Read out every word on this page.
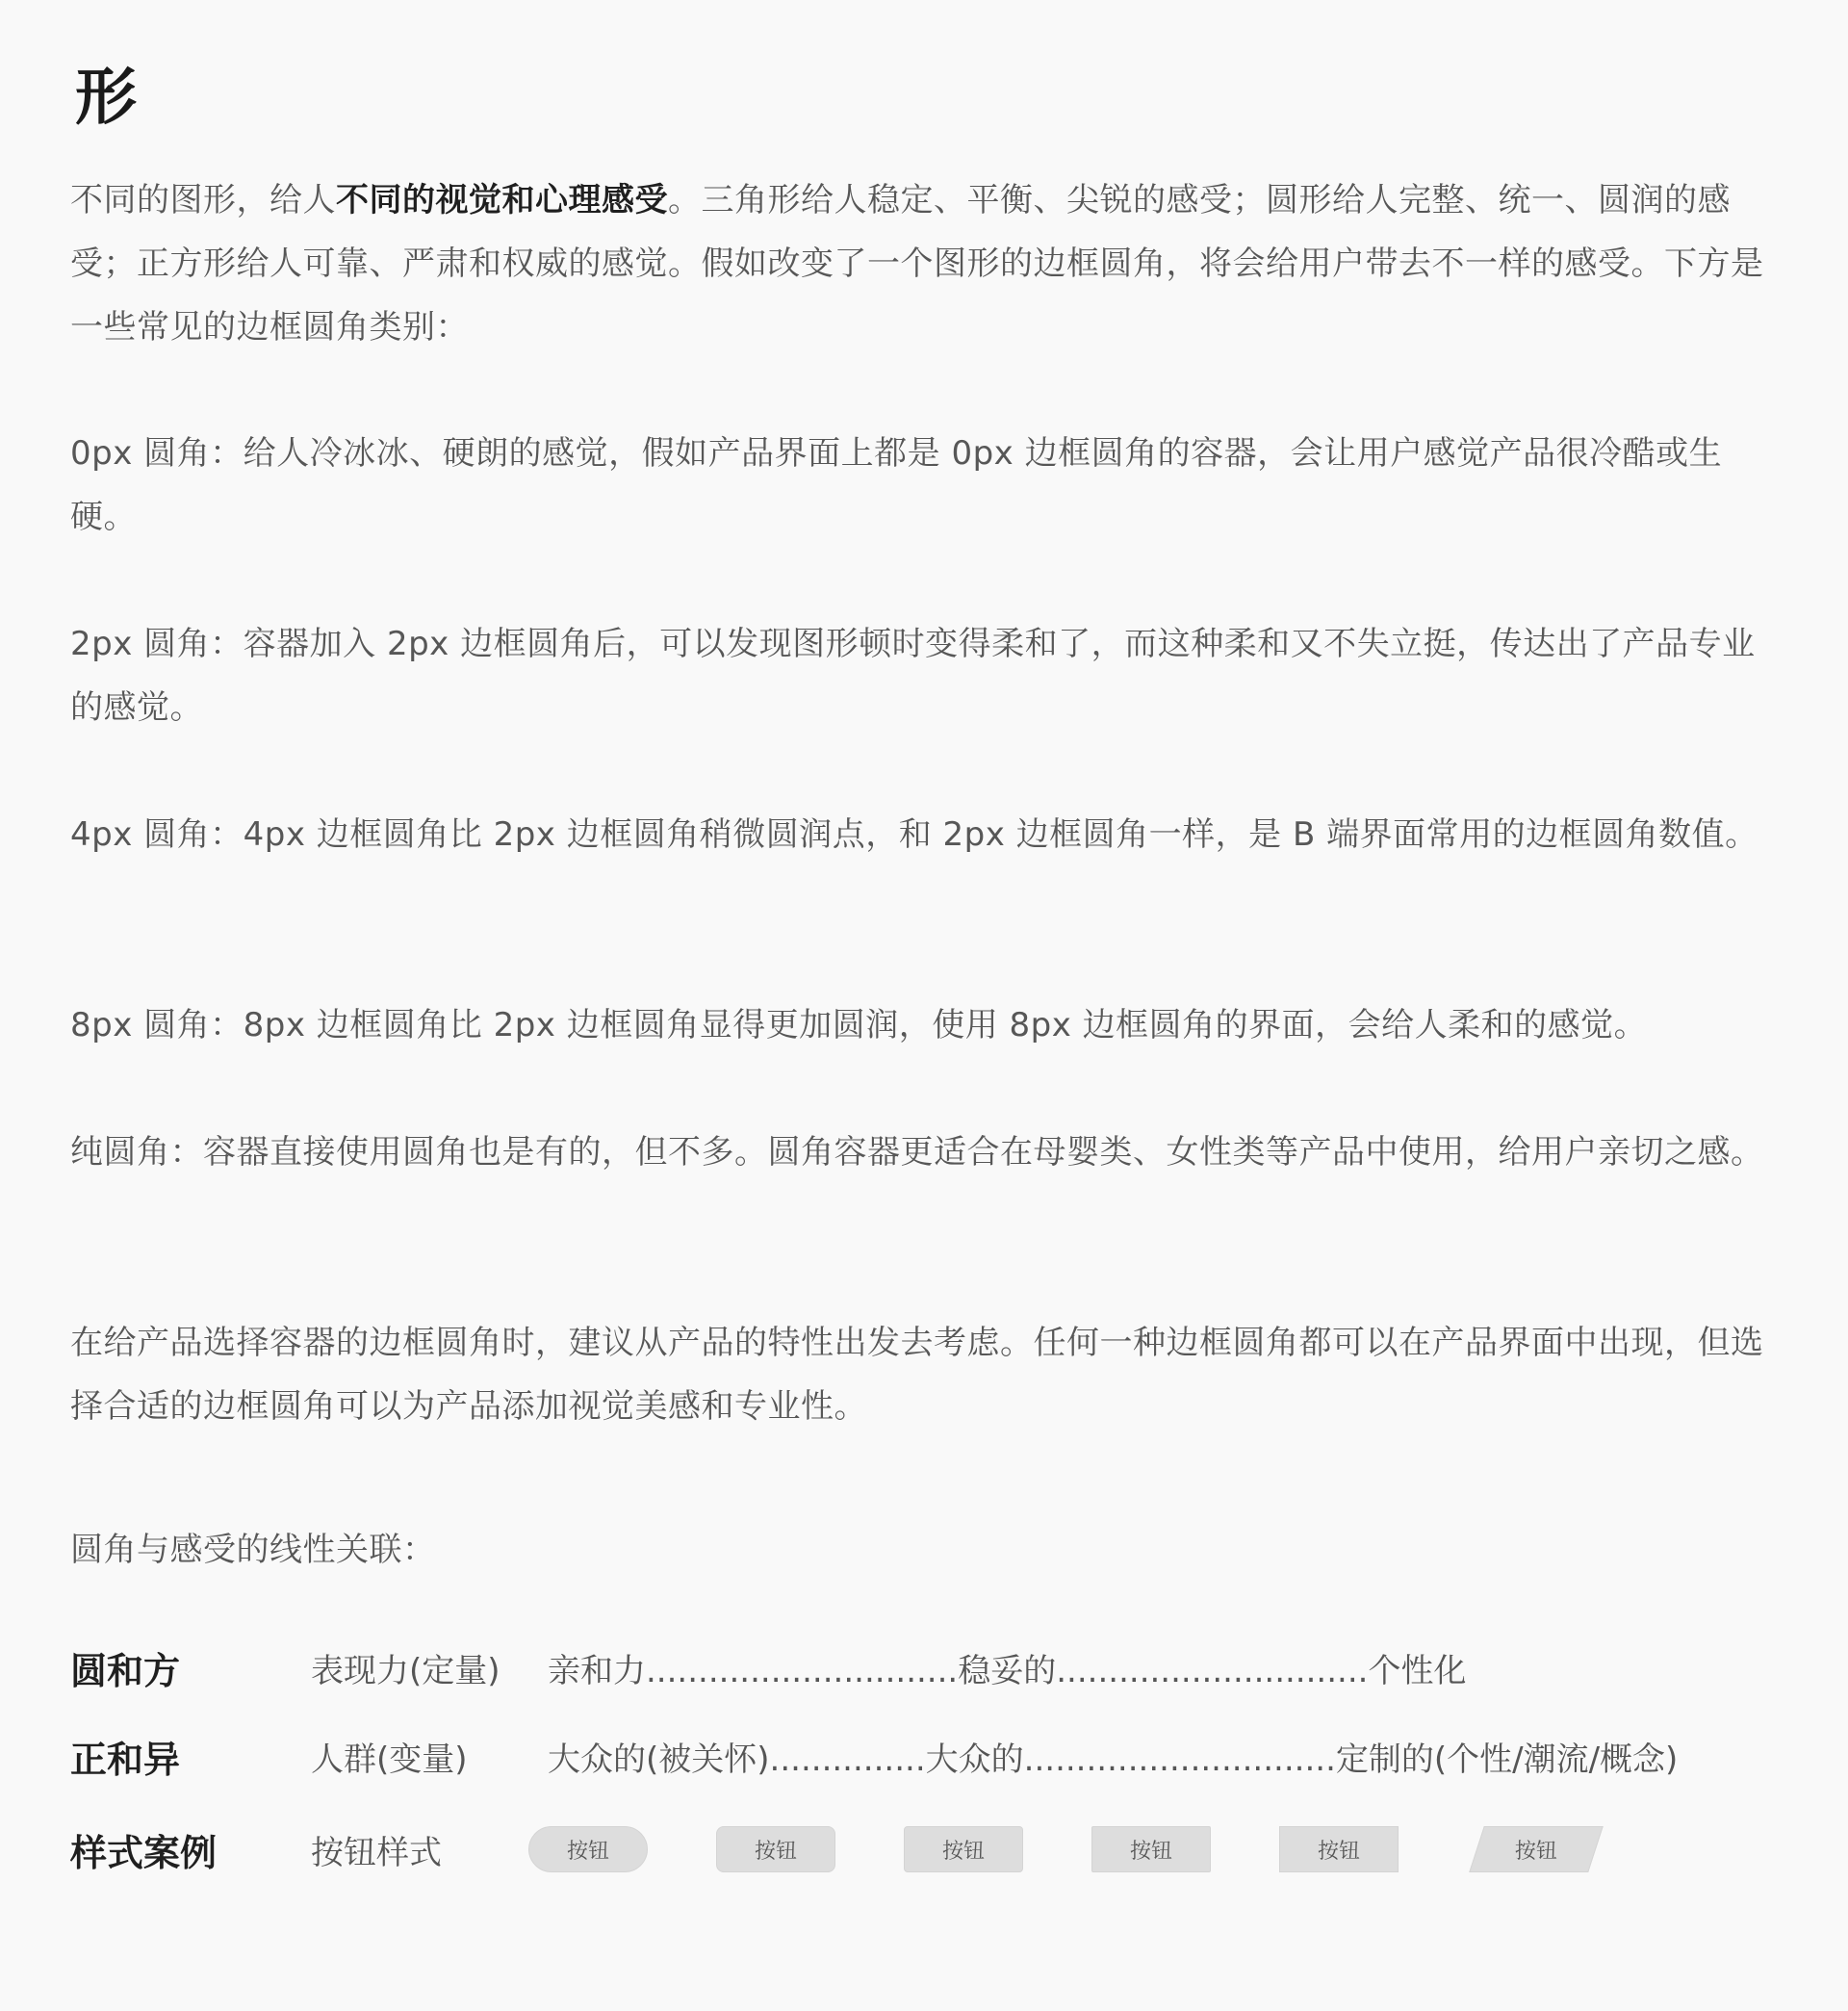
形

不同的图形，给人不同的视觉和心理感受。三角形给人稳定、平衡、尖锐的感受；圆形给人完整、统一、圆润的感受；正方形给人可靠、严肃和权威的感觉。假如改变了一个图形的边框圆角，将会给用户带去不一样的感受。下方是一些常见的边框圆角类别：

0px 圆角：给人冷冰冰、硬朗的感觉，假如产品界面上都是 0px 边框圆角的容器，会让用户感觉产品很冷酷或生硬。

2px 圆角：容器加入 2px 边框圆角后，可以发现图形顿时变得柔和了，而这种柔和又不失立挺，传达出了产品专业的感觉。

4px 圆角：4px 边框圆角比 2px 边框圆角稍微圆润点，和 2px 边框圆角一样，是 B 端界面常用的边框圆角数值。

8px 圆角：8px 边框圆角比 2px 边框圆角显得更加圆润，使用 8px 边框圆角的界面，会给人柔和的感觉。

纯圆角：容器直接使用圆角也是有的，但不多。圆角容器更适合在母婴类、女性类等产品中使用，给用户亲切之感。

在给产品选择容器的边框圆角时，建议从产品的特性出发去考虑。任何一种边框圆角都可以在产品界面中出现，但选择合适的边框圆角可以为产品添加视觉美感和专业性。

圆角与感受的线性关联：

圆和方	表现力(定量)	亲和力..............................稳妥的..............................个性化
正和异	人群(变量)	大众的(被关怀)...............大众的..............................定制的(个性/潮流/概念)
样式案例	按钮样式	按钮	按钮	按钮	按钮	按钮	按钮
